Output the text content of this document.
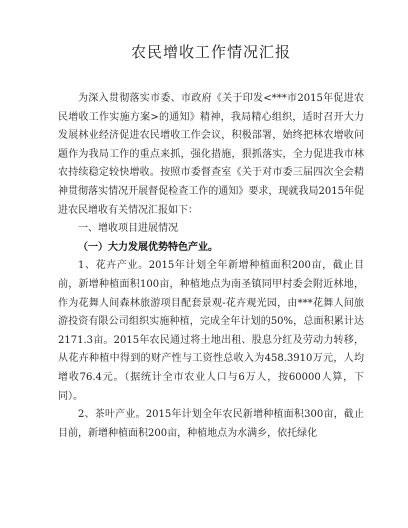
农民增收工作情况汇报

为深入贯彻落实市委、市政府《关于印发<***市2015年促进农民增收工作实施方案>的通知》精神，我局精心组织，适时召开大力发展林业经济促进农民增收工作会议，积极部署，始终把林农增收问题作为我局工作的重点来抓，强化措施，狠抓落实，全力促进我市林农持续稳定较快增收。按照市委督查室《关于对市委三届四次全会精神贯彻落实情况开展督促检查工作的通知》要求，现就我局2015年促进农民增收有关情况汇报如下：

一、增收项目进展情况

（一）大力发展优势特色产业。

1、花卉产业。2015年计划全年新增种植面积200亩，截止目前，新增种植面积100亩，种植地点为南圣镇同甲村委会附近林地，作为花舞人间森林旅游项目配套景观-花卉观光园，由***花舞人间旅游投资有限公司组织实施种植，完成全年计划的50%，总面积累计达2171.3亩。2015年农民通过将土地出租、股息分红及劳动力转移，从花卉种植中得到的财产性与工资性总收入为458.3910万元，人均增收76.4元。（据统计全市农业人口与6万人，按60000人算，下同）。

2、茶叶产业。2015年计划全年农民新增种植面积300亩，截止目前，新增种植面积200亩，种植地点为水满乡，依托绿化
